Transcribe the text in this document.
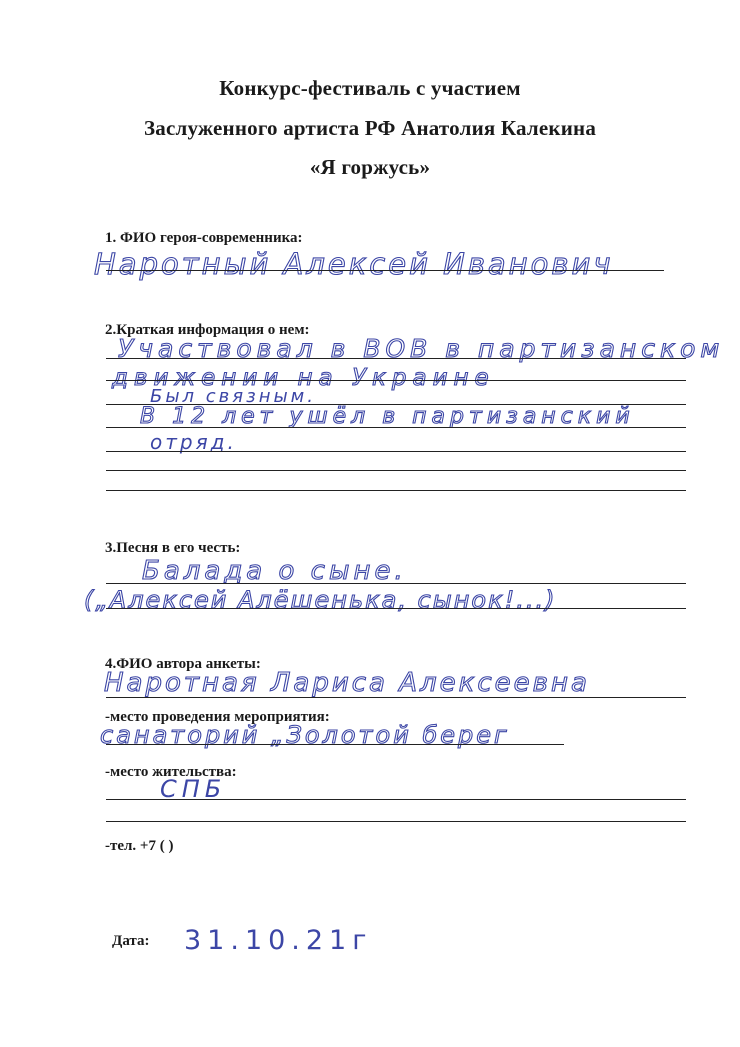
Конкурс-фестиваль с участием
Заслуженного артиста РФ Анатолия Калекина
«Я горжусь»
1. ФИО героя-современника:
Наротный Алексей Иванович
2.Краткая информация о нем:
Участвовал в ВОВ в партизанском
движении на Украине
Был связным.
В 12 лет ушёл в партизанский
отряд.
3.Песня в его честь:
Балада о сыне.
(„Алексей Алёшенька, сынок!...)
4.ФИО автора анкеты:
Наротная Лариса Алексеевна
-место проведения мероприятия:
санаторий „Золотой берег
-место жительства:
СПБ
-тел. +7 ( )
Дата: 31.10.21г
